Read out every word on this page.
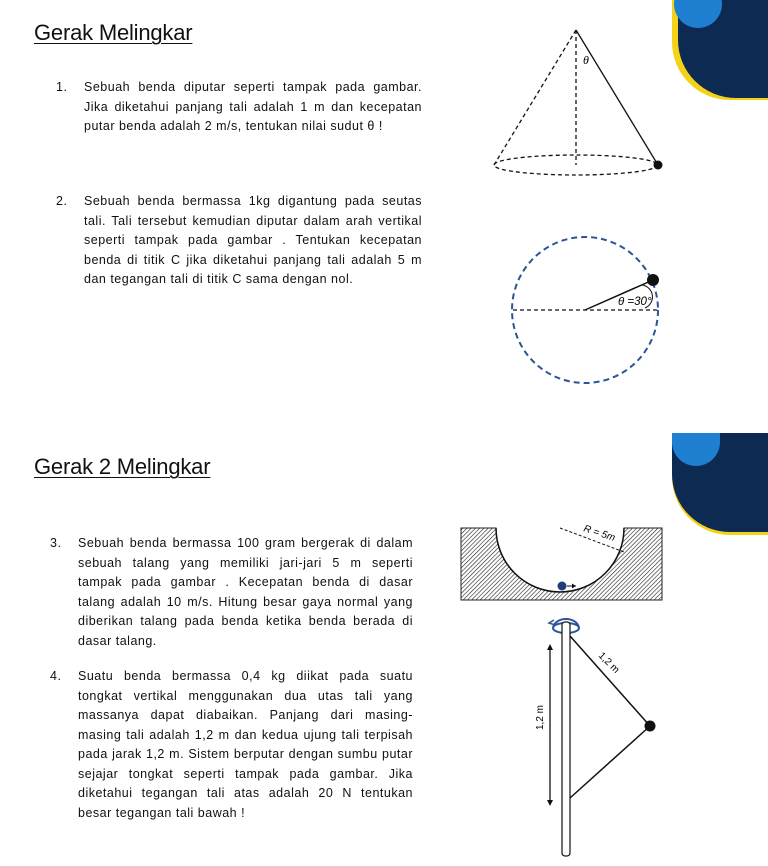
Gerak Melingkar
1. Sebuah benda diputar seperti tampak pada gambar. Jika diketahui panjang tali adalah 1 m dan kecepatan putar benda adalah 2 m/s, tentukan nilai sudut θ !
2. Sebuah benda bermassa 1kg digantung pada seutas tali. Tali tersebut kemudian diputar dalam arah vertikal seperti tampak pada gambar . Tentukan kecepatan benda di titik C jika diketahui panjang tali adalah 5 m dan tegangan tali di titik C sama dengan nol.
θ
θ =30°
Gerak 2 Melingkar
3. Sebuah benda bermassa 100 gram bergerak di dalam sebuah talang yang memiliki jari-jari 5 m seperti tampak pada gambar . Kecepatan benda di dasar talang adalah 10 m/s. Hitung besar gaya normal yang diberikan talang pada benda ketika benda berada di dasar talang.
4. Suatu benda bermassa 0,4 kg diikat pada suatu tongkat vertikal menggunakan dua utas tali yang massanya dapat diabaikan. Panjang dari masing-masing tali adalah 1,2 m dan kedua ujung tali terpisah pada jarak 1,2 m. Sistem berputar dengan sumbu putar sejajar tongkat seperti tampak pada gambar. Jika diketahui tegangan tali atas adalah 20 N tentukan besar tegangan tali bawah !
R = 5m
1,2 m
1,2 m
